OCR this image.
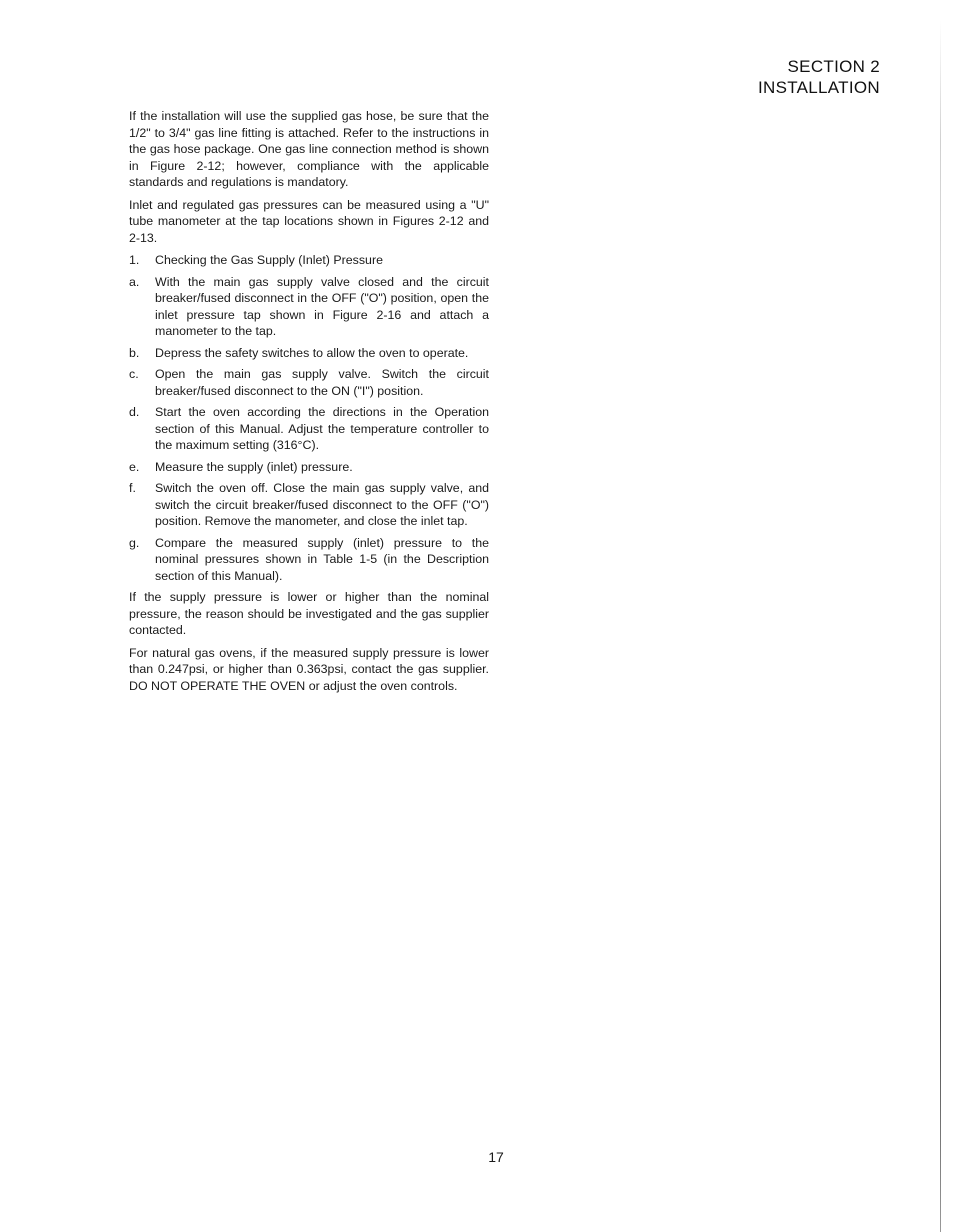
SECTION 2
INSTALLATION

If the installation will use the supplied gas hose, be sure that the 1/2" to 3/4" gas line fitting is attached. Refer to the instructions in the gas hose package. One gas line connection method is shown in Figure 2-12; however, compliance with the applicable standards and regulations is mandatory.

Inlet and regulated gas pressures can be measured using a "U" tube manometer at the tap locations shown in Figures 2-12 and 2-13.

1.	Checking the Gas Supply (Inlet) Pressure
a.	With the main gas supply valve closed and the circuit breaker/fused disconnect in the OFF ("O") position, open the inlet pressure tap shown in Figure 2-16 and attach a manometer to the tap.
b.	Depress the safety switches to allow the oven to operate.
c.	Open the main gas supply valve. Switch the circuit breaker/fused disconnect to the ON ("I") position.
d.	Start the oven according the directions in the Operation section of this Manual. Adjust the temperature controller to the maximum setting (316°C).
e.	Measure the supply (inlet) pressure.
f.	Switch the oven off. Close the main gas supply valve, and switch the circuit breaker/fused disconnect to the OFF ("O") position. Remove the manometer, and close the inlet tap.
g.	Compare the measured supply (inlet) pressure to the nominal pressures shown in Table 1-5 (in the Description section of this Manual).

If the supply pressure is lower or higher than the nominal pressure, the reason should be investigated and the gas supplier contacted.

For natural gas ovens, if the measured supply pressure is lower than 0.247psi, or higher than 0.363psi, contact the gas supplier. DO NOT OPERATE THE OVEN or adjust the oven controls.

17
